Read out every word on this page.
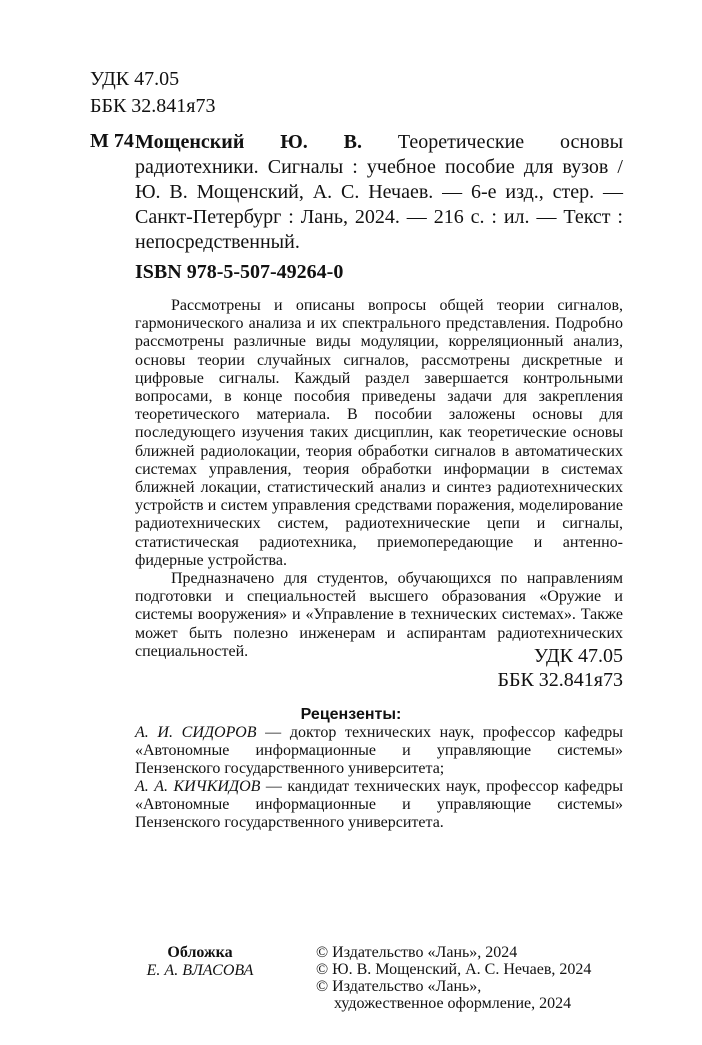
УДК 47.05
ББК 32.841я73
М 74 Мощенский Ю. В. Теоретические основы радиотехники. Сигналы : учебное пособие для вузов / Ю. В. Мощенский, А. С. Нечаев. — 6-е изд., стер. — Санкт-Петербург : Лань, 2024. — 216 с. : ил. — Текст : непосредственный.
ISBN 978-5-507-49264-0

Рассмотрены и описаны вопросы общей теории сигналов, гармонического анализа и их спектрального представления. Подробно рассмотрены различные виды модуляции, корреляционный анализ, основы теории случайных сигналов, рассмотрены дискретные и цифровые сигналы. Каждый раздел завершается контрольными вопросами, в конце пособия приведены задачи для закрепления теоретического материала. В пособии заложены основы для последующего изучения таких дисциплин, как теоретические основы ближней радиолокации, теория обработки сигналов в автоматических системах управления, теория обработки информации в системах ближней локации, статистический анализ и синтез радиотехнических устройств и систем управления средствами поражения, моделирование радиотехнических систем, радиотехнические цепи и сигналы, статистическая радиотехника, приемопередающие и антенно-фидерные устройства.

Предназначено для студентов, обучающихся по направлениям подготовки и специальностей высшего образования «Оружие и системы вооружения» и «Управление в технических системах». Также может быть полезно инженерам и аспирантам радиотехнических специальностей.	УДК 47.05
ББК 32.841я73
Рецензенты:

А. И. СИДОРОВ — доктор технических наук, профессор кафедры «Автономные информационные и управляющие системы» Пензенского государственного университета;

А. А. КИЧКИДОВ — кандидат технических наук, профессор кафедры «Автономные информационные и управляющие системы» Пензенского государственного университета.

Обложка
Е. А. ВЛАСОВА
© Издательство «Лань», 2024
© Ю. В. Мощенский, А. С. Нечаев, 2024
© Издательство «Лань»,
художественное оформление, 2024
